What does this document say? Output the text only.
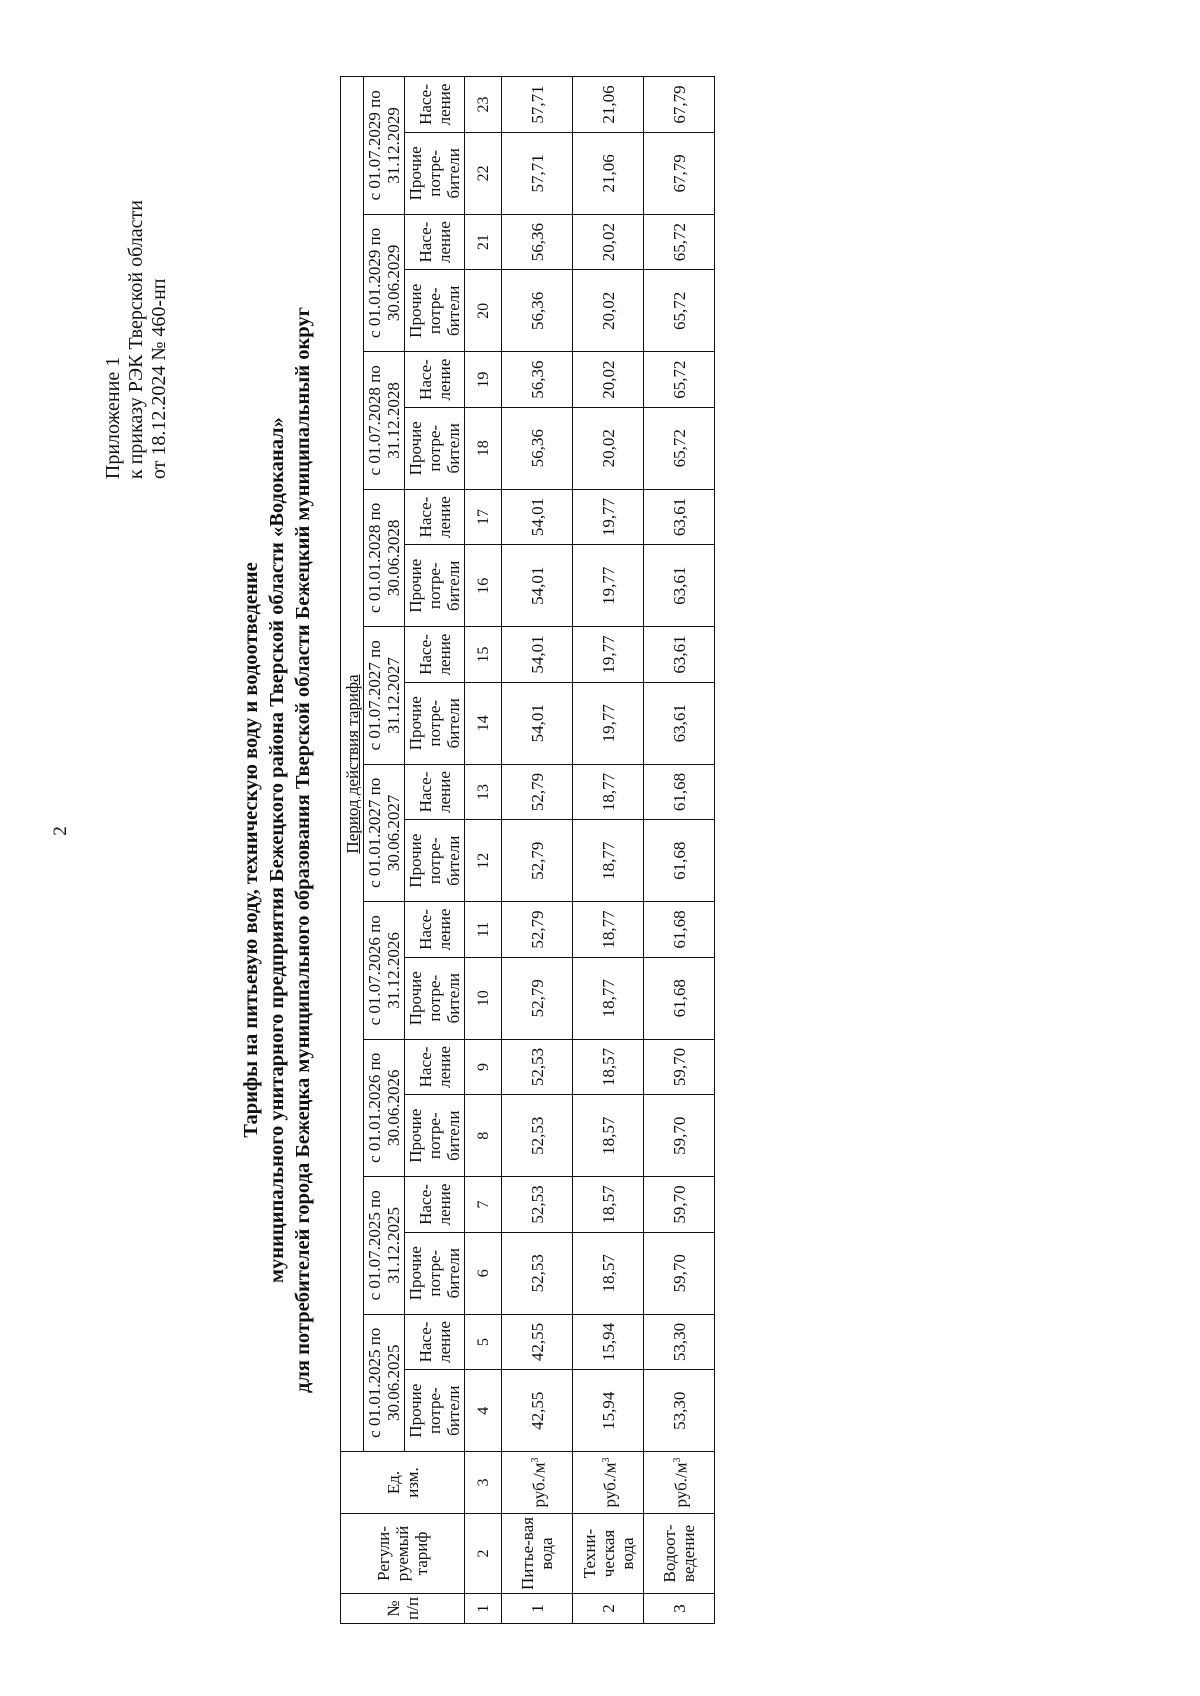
2
Приложение 1 к приказу РЭК Тверской области от 18.12.2024 № 460-нп
Тарифы на питьевую воду, техническую воду и водоотведение муниципального унитарного предприятия Бежецкого района Тверской области «Водоканал» для потребителей города Бежецка муниципального образования Тверской области Бежецкий муниципальный округ
№ п/п	Регули-руемый тариф	Ед. изм.	Период действия тарифа																			
			с 01.01.2025 по 30.06.2025		с 01.07.2025 по 31.12.2025		с 01.01.2026 по 30.06.2026		с 01.07.2026 по 31.12.2026		с 01.01.2027 по 30.06.2027		с 01.07.2027 по 31.12.2027		с 01.01.2028 по 30.06.2028		с 01.07.2028 по 31.12.2028		с 01.01.2029 по 30.06.2029		с 01.07.2029 по 31.12.2029	
			Прочие потре-бители	Насе-ление	Прочие потре-бители	Насе-ление	Прочие потре-бители	Насе-ление	Прочие потре-бители	Насе-ление	Прочие потре-бители	Насе-ление	Прочие потре-бители	Насе-ление	Прочие потре-бители	Насе-ление	Прочие потре-бители	Насе-ление	Прочие потре-бители	Насе-ление	Прочие потре-бители	Насе-ление
1	2	3	4	5	6	7	8	9	10	11	12	13	14	15	16	17	18	19	20	21	22	23
1	Питье-вая вода	$руб./м^3$	42,55	42,55	52,53	52,53	52,53	52,53	52,79	52,79	52,79	52,79	54,01	54,01	54,01	54,01	56,36	56,36	56,36	56,36	57,71	57,71
2	Техни-ческая вода	$руб./м^3$	15,94	15,94	18,57	18,57	18,57	18,57	18,77	18,77	18,77	18,77	19,77	19,77	19,77	19,77	20,02	20,02	20,02	20,02	21,06	21,06
3	Водоот-ведение	$руб./м^3$	53,30	53,30	59,70	59,70	59,70	59,70	61,68	61,68	61,68	61,68	63,61	63,61	63,61	63,61	65,72	65,72	65,72	65,72	67,79	67,79
